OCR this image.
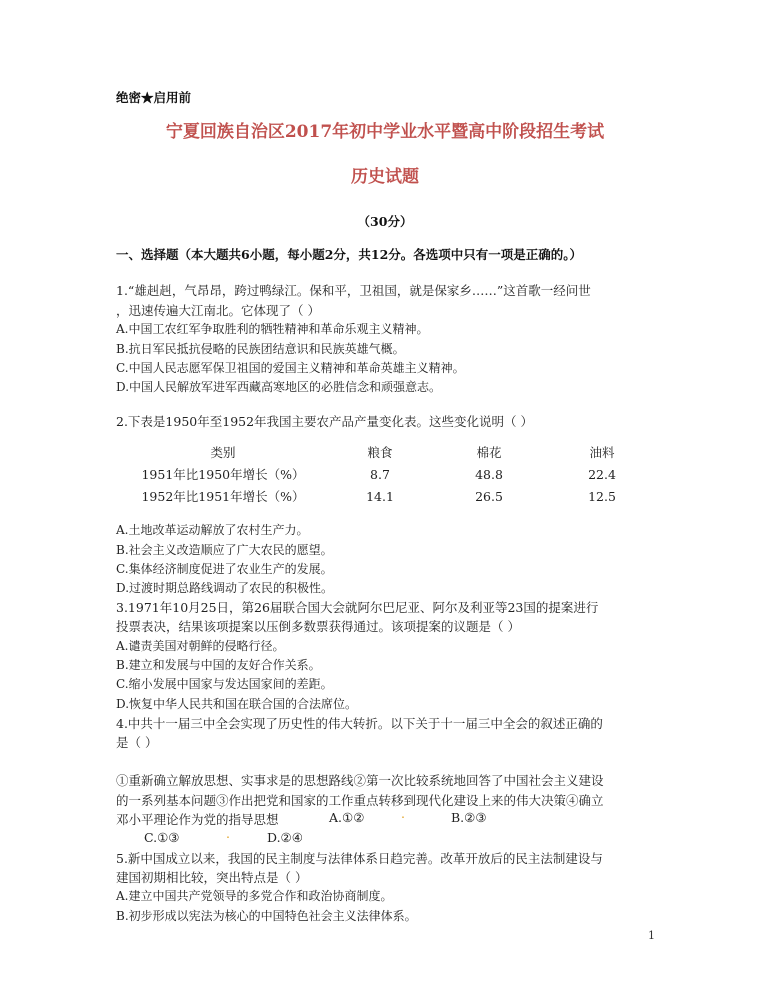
绝密★启用前
宁夏回族自治区2017年初中学业水平暨高中阶段招生考试
历史试题
（30分）
一、选择题（本大题共6小题，每小题2分，共12分。各选项中只有一项是正确的。）
1.“雄赳赳，气昂昂，跨过鸭绿江。保和平，卫祖国，就是保家乡……”这首歌一经问世
，迅速传遍大江南北。它体现了（ ）
A.中国工农红军争取胜利的牺牲精神和革命乐观主义精神。
B.抗日军民抵抗侵略的民族团结意识和民族英雄气概。
C.中国人民志愿军保卫祖国的爱国主义精神和革命英雄主义精神。
D.中国人民解放军进军西藏高寒地区的必胜信念和顽强意志。
2.下表是1950年至1952年我国主要农产品产量变化表。这些变化说明（ ）
类别	粮食	棉花	油料
1951年比1950年增长（%）	8.7	48.8	22.4
1952年比1951年增长（%）	14.1	26.5	12.5
A.土地改革运动解放了农村生产力。
B.社会主义改造顺应了广大农民的愿望。
C.集体经济制度促进了农业生产的发展。
D.过渡时期总路线调动了农民的积极性。
3.1971年10月25日，第26届联合国大会就阿尔巴尼亚、阿尔及利亚等23国的提案进行
投票表决，结果该项提案以压倒多数票获得通过。该项提案的议题是（ ）
A.谴责美国对朝鲜的侵略行径。
B.建立和发展与中国的友好合作关系。
C.缩小发展中国家与发达国家间的差距。
D.恢复中华人民共和国在联合国的合法席位。
4.中共十一届三中全会实现了历史性的伟大转折。以下关于十一届三中全会的叙述正确的
是（ ）
①重新确立解放思想、实事求是的思想路线②第一次比较系统地回答了中国社会主义建设
的一系列基本问题③作出把党和国家的工作重点转移到现代化建设上来的伟大决策④确立
邓小平理论作为党的指导思想	A.①②	.	B.②③
C.①③	.	D.②④
5.新中国成立以来，我国的民主制度与法律体系日趋完善。改革开放后的民主法制建设与
建国初期相比较，突出特点是（ ）
A.建立中国共产党领导的多党合作和政治协商制度。
B.初步形成以宪法为核心的中国特色社会主义法律体系。
1
